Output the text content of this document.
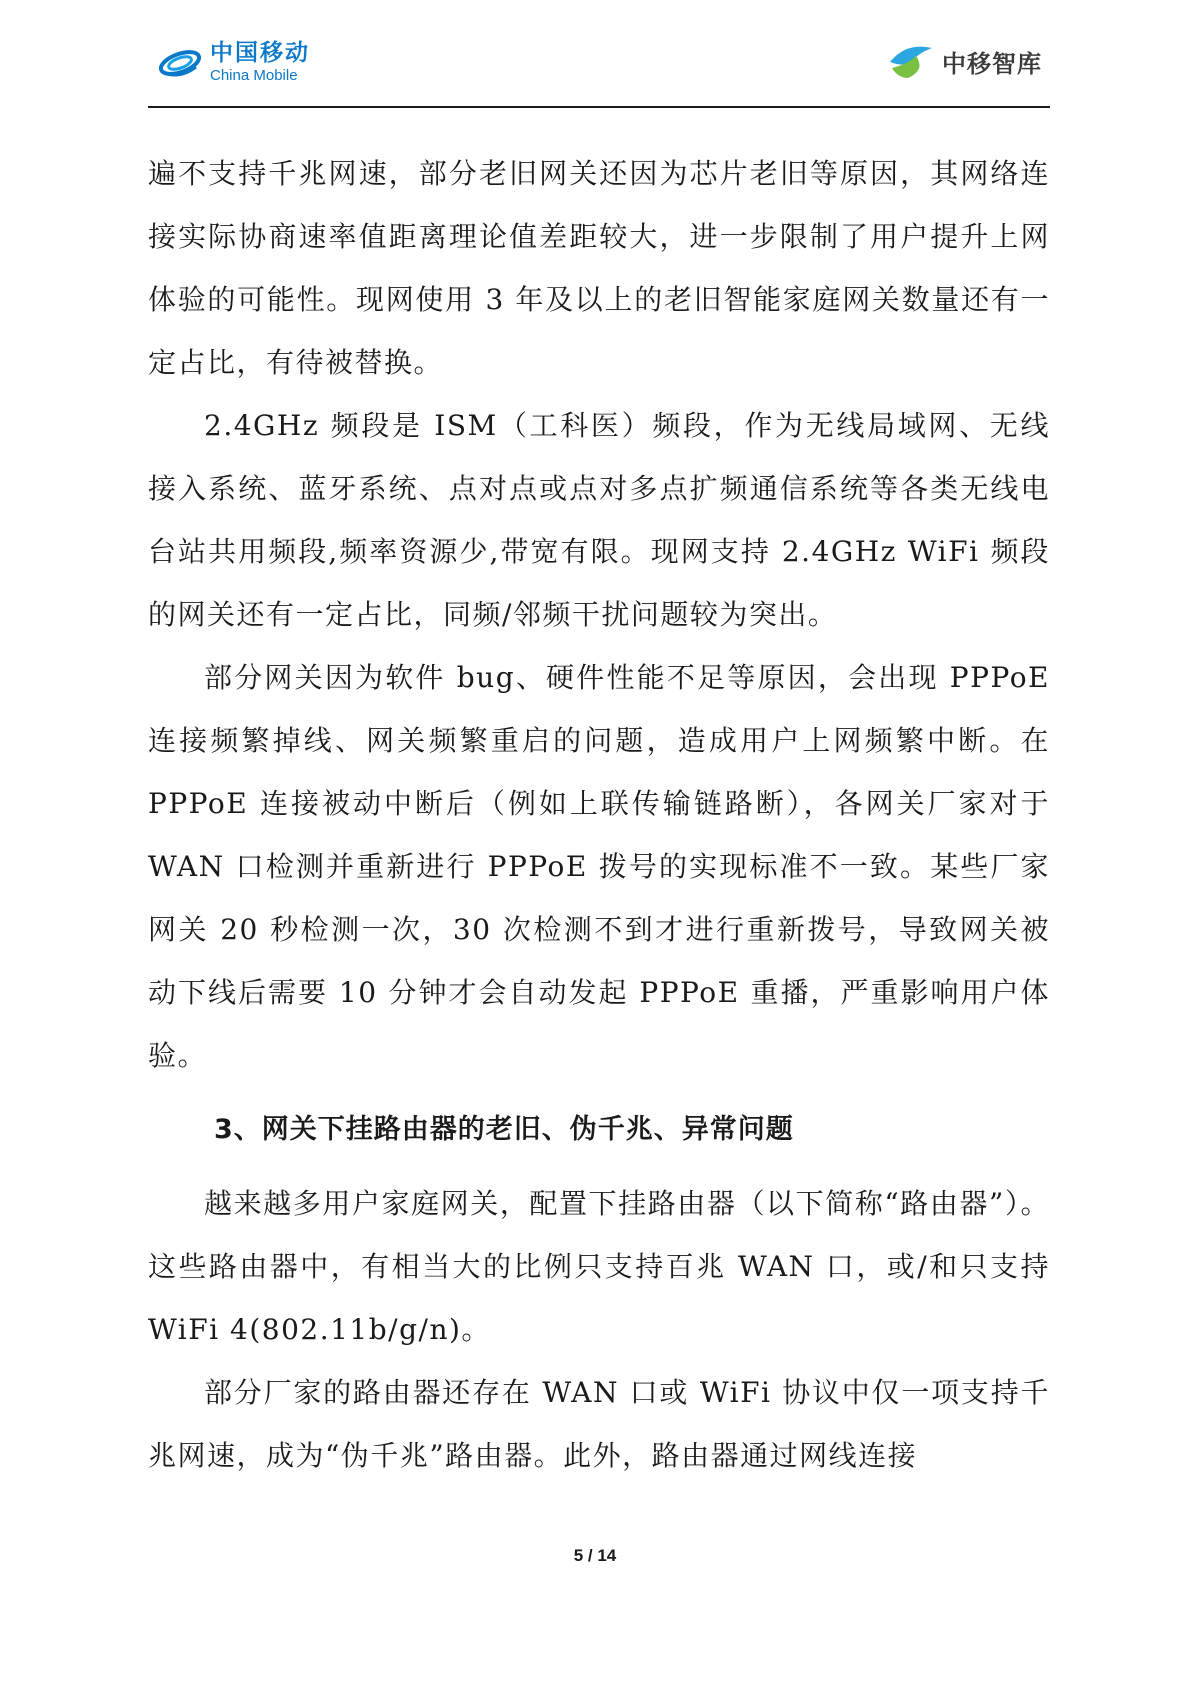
中国移动
China Mobile	中移智库

遍不支持千兆网速，部分老旧网关还因为芯片老旧等原因，其网络连接实际协商速率值距离理论值差距较大，进一步限制了用户提升上网体验的可能性。现网使用 3 年及以上的老旧智能家庭网关数量还有一定占比，有待被替换。

2.4GHz 频段是 ISM（工科医）频段，作为无线局域网、无线接入系统、蓝牙系统、点对点或点对多点扩频通信系统等各类无线电台站共用频段,频率资源少,带宽有限。现网支持 2.4GHz WiFi 频段的网关还有一定占比，同频/邻频干扰问题较为突出。

部分网关因为软件 bug、硬件性能不足等原因，会出现 PPPoE 连接频繁掉线、网关频繁重启的问题，造成用户上网频繁中断。在 PPPoE 连接被动中断后（例如上联传输链路断），各网关厂家对于 WAN 口检测并重新进行 PPPoE 拨号的实现标准不一致。某些厂家网关 20 秒检测一次，30 次检测不到才进行重新拨号，导致网关被动下线后需要 10 分钟才会自动发起 PPPoE 重播，严重影响用户体验。

3、网关下挂路由器的老旧、伪千兆、异常问题

越来越多用户家庭网关，配置下挂路由器（以下简称“路由器”）。这些路由器中，有相当大的比例只支持百兆 WAN 口，或/和只支持 WiFi 4(802.11b/g/n)。

部分厂家的路由器还存在 WAN 口或 WiFi 协议中仅一项支持千兆网速，成为“伪千兆”路由器。此外，路由器通过网线连接

5 / 14
